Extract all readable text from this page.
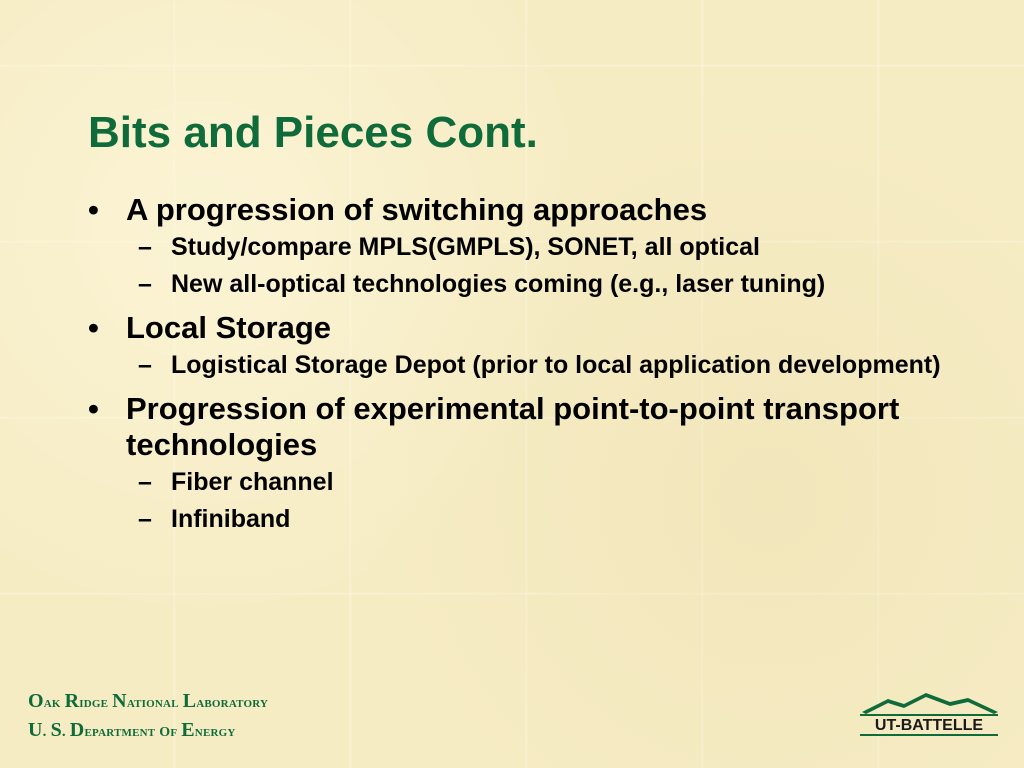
Bits and Pieces Cont.
• A progression of switching approaches
– Study/compare MPLS(GMPLS), SONET, all optical
– New all-optical technologies coming (e.g., laser tuning)
• Local Storage
– Logistical Storage Depot (prior to local application development)
• Progression of experimental point-to-point transport technologies
– Fiber channel
– Infiniband
Oak Ridge National Laboratory
U. S. Department of Energy	UT-BATTELLE
